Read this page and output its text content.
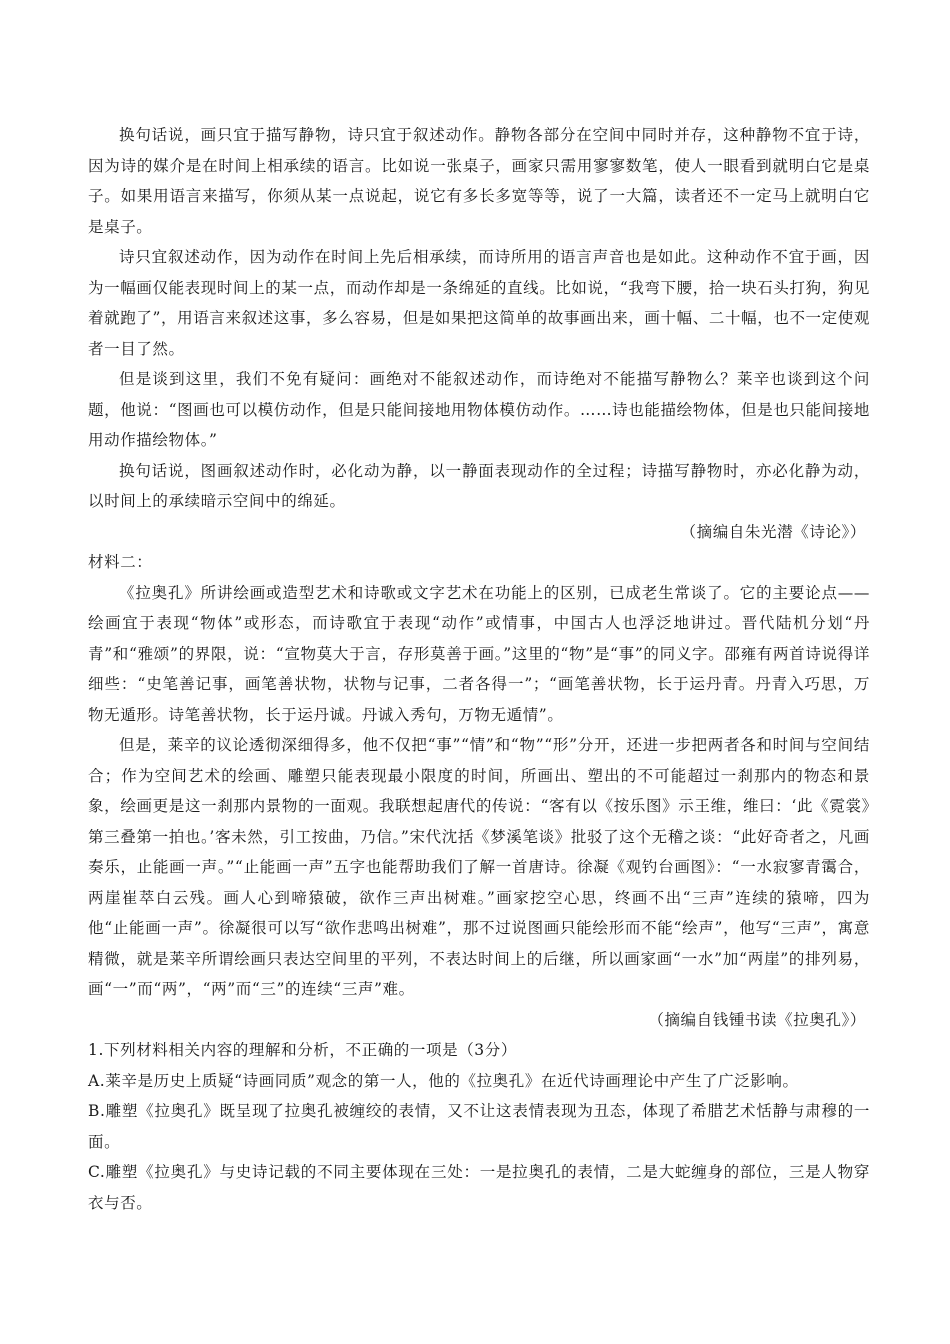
换句话说，画只宜于描写静物，诗只宜于叙述动作。静物各部分在空间中同时并存，这种静物不宜于诗，因为诗的媒介是在时间上相承续的语言。比如说一张桌子，画家只需用寥寥数笔，使人一眼看到就明白它是桌子。如果用语言来描写，你须从某一点说起，说它有多长多宽等等，说了一大篇，读者还不一定马上就明白它是桌子。

诗只宜叙述动作，因为动作在时间上先后相承续，而诗所用的语言声音也是如此。这种动作不宜于画，因为一幅画仅能表现时间上的某一点，而动作却是一条绵延的直线。比如说，“我弯下腰，拾一块石头打狗，狗见着就跑了”，用语言来叙述这事，多么容易，但是如果把这简单的故事画出来，画十幅、二十幅，也不一定使观者一目了然。

但是谈到这里，我们不免有疑问：画绝对不能叙述动作，而诗绝对不能描写静物么？莱辛也谈到这个问题，他说：“图画也可以模仿动作，但是只能间接地用物体模仿动作。……诗也能描绘物体，但是也只能间接地用动作描绘物体。”

换句话说，图画叙述动作时，必化动为静，以一静面表现动作的全过程；诗描写静物时，亦必化静为动，以时间上的承续暗示空间中的绵延。

（摘编自朱光潜《诗论》）

材料二：

《拉奥孔》所讲绘画或造型艺术和诗歌或文字艺术在功能上的区别，已成老生常谈了。它的主要论点——绘画宜于表现“物体”或形态，而诗歌宜于表现“动作”或情事，中国古人也浮泛地讲过。晋代陆机分划“丹青”和“雅颂”的界限，说：“宣物莫大于言，存形莫善于画。”这里的“物”是“事”的同义字。邵雍有两首诗说得详细些：“史笔善记事，画笔善状物，状物与记事，二者各得一”；“画笔善状物，长于运丹青。丹青入巧思，万物无遁形。诗笔善状物，长于运丹诚。丹诚入秀句，万物无遁情”。

但是，莱辛的议论透彻深细得多，他不仅把“事”“情”和“物”“形”分开，还进一步把两者各和时间与空间结合；作为空间艺术的绘画、雕塑只能表现最小限度的时间，所画出、塑出的不可能超过一刹那内的物态和景象，绘画更是这一刹那内景物的一面观。我联想起唐代的传说：“客有以《按乐图》示王维，维曰：‘此《霓裳》第三叠第一拍也。’客未然，引工按曲，乃信。”宋代沈括《梦溪笔谈》批驳了这个无稽之谈：“此好奇者之，凡画奏乐，止能画一声。”“止能画一声”五字也能帮助我们了解一首唐诗。徐凝《观钓台画图》：“一水寂寥青霭合，两崖崔萃白云残。画人心到啼猿破，欲作三声出树难。”画家挖空心思，终画不出“三声”连续的猿啼，四为他“止能画一声”。徐凝很可以写“欲作悲鸣出树难”，那不过说图画只能绘形而不能“绘声”，他写“三声”，寓意精微，就是莱辛所谓绘画只表达空间里的平列，不表达时间上的后继，所以画家画“一水”加“两崖”的排列易，画“一”而“两”，“两”而“三”的连续“三声”难。

（摘编自钱锺书读《拉奥孔》）

1.下列材料相关内容的理解和分析，不正确的一项是（3分）

A.莱辛是历史上质疑“诗画同质”观念的第一人，他的《拉奥孔》在近代诗画理论中产生了广泛影响。

B.雕塑《拉奥孔》既呈现了拉奥孔被缠绞的表情，又不让这表情表现为丑态，体现了希腊艺术恬静与肃穆的一面。

C.雕塑《拉奥孔》与史诗记载的不同主要体现在三处：一是拉奥孔的表情，二是大蛇缠身的部位，三是人物穿衣与否。
